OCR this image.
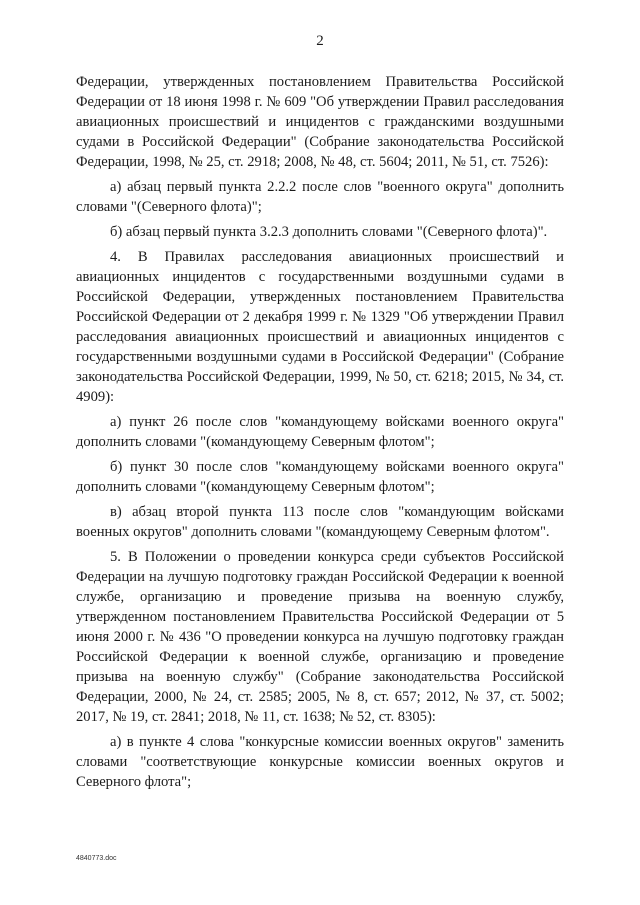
2

Федерации, утвержденных постановлением Правительства Российской Федерации от 18 июня 1998 г. № 609 "Об утверждении Правил расследования авиационных происшествий и инцидентов с гражданскими воздушными судами в Российской Федерации" (Собрание законодательства Российской Федерации, 1998, № 25, ст. 2918; 2008, № 48, ст. 5604; 2011, № 51, ст. 7526):

а) абзац первый пункта 2.2.2 после слов "военного округа" дополнить словами "(Северного флота)";

б) абзац первый пункта 3.2.3 дополнить словами "(Северного флота)".

4. В Правилах расследования авиационных происшествий и авиационных инцидентов с государственными воздушными судами в Российской Федерации, утвержденных постановлением Правительства Российской Федерации от 2 декабря 1999 г. № 1329 "Об утверждении Правил расследования авиационных происшествий и авиационных инцидентов с государственными воздушными судами в Российской Федерации" (Собрание законодательства Российской Федерации, 1999, № 50, ст. 6218; 2015, № 34, ст. 4909):

а) пункт 26 после слов "командующему войсками военного округа" дополнить словами "(командующему Северным флотом";

б) пункт 30 после слов "командующему войсками военного округа" дополнить словами "(командующему Северным флотом";

в) абзац второй пункта 113 после слов "командующим войсками военных округов" дополнить словами "(командующему Северным флотом".

5. В Положении о проведении конкурса среди субъектов Российской Федерации на лучшую подготовку граждан Российской Федерации к военной службе, организацию и проведение призыва на военную службу, утвержденном постановлением Правительства Российской Федерации от 5 июня 2000 г. № 436 "О проведении конкурса на лучшую подготовку граждан Российской Федерации к военной службе, организацию и проведение призыва на военную службу" (Собрание законодательства Российской Федерации, 2000, № 24, ст. 2585; 2005, № 8, ст. 657; 2012, № 37, ст. 5002; 2017, № 19, ст. 2841; 2018, № 11, ст. 1638; № 52, ст. 8305):

а) в пункте 4 слова "конкурсные комиссии военных округов" заменить словами "соответствующие конкурсные комиссии военных округов и Северного флота";

4840773.doc
